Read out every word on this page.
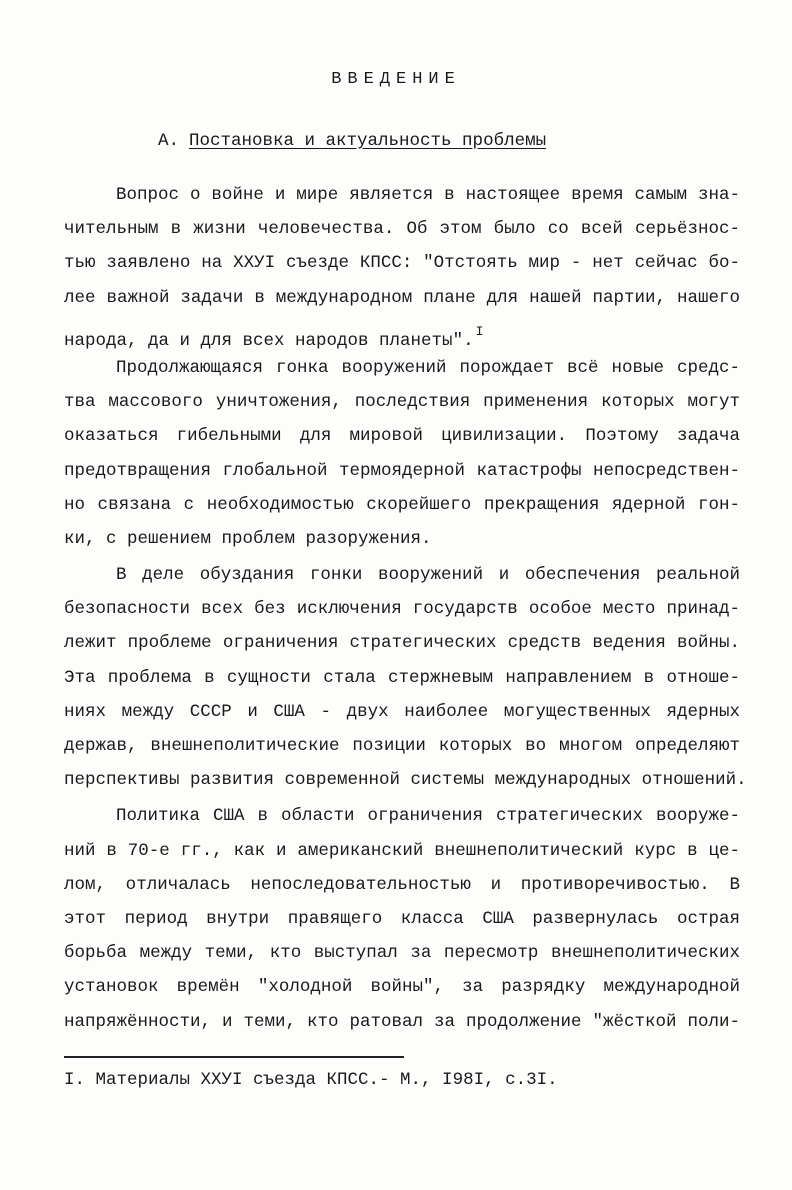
ВВЕДЕНИЕ
А. Постановка и актуальность проблемы
Вопрос о войне и мире является в настоящее время самым зна-
чительным в жизни человечества. Об этом было со всей серьёзнос-
тью заявлено на ХХУI съезде КПСС: "Отстоять мир - нет сейчас бо-
лее важной задачи в международном плане для нашей партии, нашего
народа, да и для всех народов планеты". $^I$
Продолжающаяся гонка вооружений порождает всё новые средс-
тва массового уничтожения, последствия применения которых могут
оказаться гибельными для мировой цивилизации. Поэтому задача
предотвращения глобальной термоядерной катастрофы непосредствен-
но связана с необходимостью скорейшего прекращения ядерной гон-
ки, с решением проблем разоружения.
В деле обуздания гонки вооружений и обеспечения реальной
безопасности всех без исключения государств особое место принад-
лежит проблеме ограничения стратегических средств ведения войны.
Эта проблема в сущности стала стержневым направлением в отноше-
ниях между СССР и США - двух наиболее могущественных ядерных
держав, внешнеполитические позиции которых во многом определяют
перспективы развития современной системы международных отношений.
Политика США в области ограничения стратегических вооруже-
ний в 70-е гг., как и американский внешнеполитический курс в це-
лом, отличалась непоследовательностью и противоречивостью. В
этот период внутри правящего класса США развернулась острая
борьба между теми, кто выступал за пересмотр внешнеполитических
установок времён "холодной войны", за разрядку международной
напряжённости, и теми, кто ратовал за продолжение "жёсткой поли-
I. Материалы ХХУI съезда КПСС.- М., I98I, с.3I.
